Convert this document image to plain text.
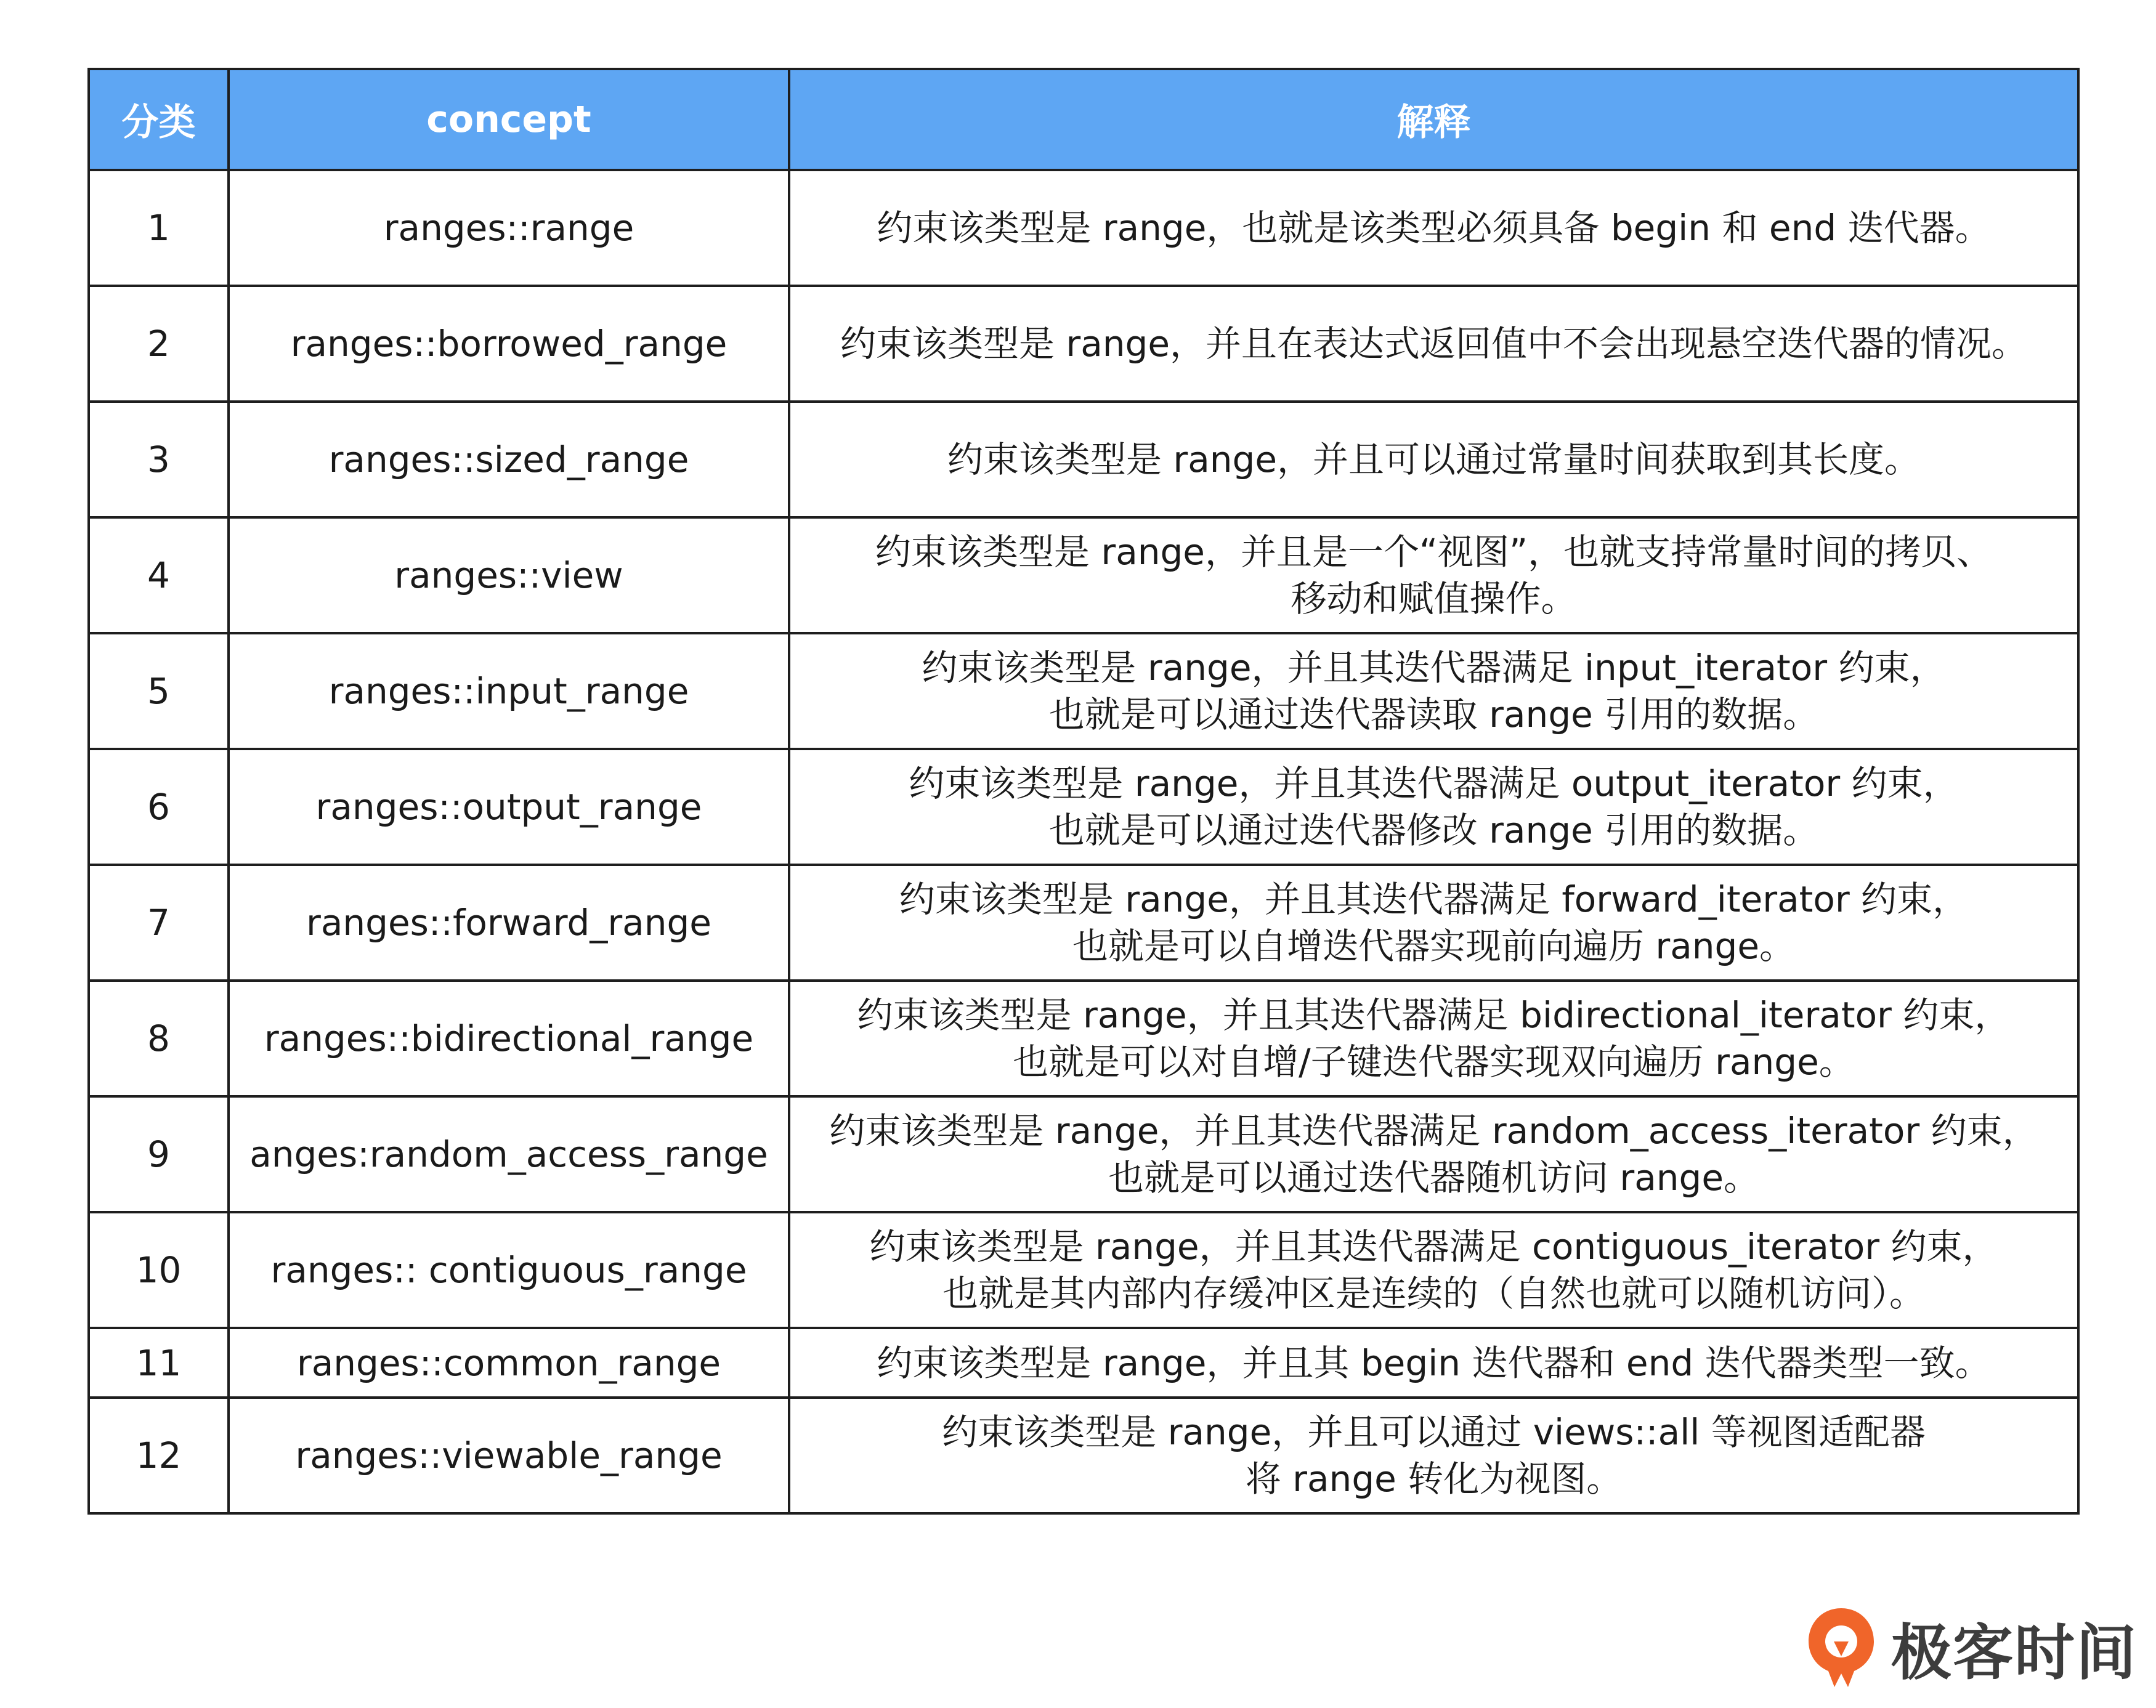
分类	concept	解释
1	ranges::range	约束该类型是 range，也就是该类型必须具备 begin 和 end 迭代器。

2	ranges::borrowed_range	约束该类型是 range，并且在表达式返回值中不会出现悬空迭代器的情况。

3	ranges::sized_range	约束该类型是 range，并且可以通过常量时间获取到其长度。

4	ranges::view	约束该类型是 range，并且是一个“视图”，也就支持常量时间的拷贝、
移动和赋值操作。

5	ranges::input_range	约束该类型是 range，并且其迭代器满足 input_iterator 约束，
也就是可以通过迭代器读取 range 引用的数据。

6	ranges::output_range	约束该类型是 range，并且其迭代器满足 output_iterator 约束，
也就是可以通过迭代器修改 range 引用的数据。

7	ranges::forward_range	约束该类型是 range，并且其迭代器满足 forward_iterator 约束，
也就是可以自增迭代器实现前向遍历 range。

8	ranges::bidirectional_range	约束该类型是 range，并且其迭代器满足 bidirectional_iterator 约束，
也就是可以对自增/子键迭代器实现双向遍历 range。

9	anges:random_access_range	约束该类型是 range，并且其迭代器满足 random_access_iterator 约束，
也就是可以通过迭代器随机访问 range。

10	ranges:: contiguous_range	约束该类型是 range，并且其迭代器满足 contiguous_iterator 约束，
也就是其内部内存缓冲区是连续的（自然也就可以随机访问）。

11	ranges::common_range	约束该类型是 range，并且其 begin 迭代器和 end 迭代器类型一致。

12	ranges::viewable_range	约束该类型是 range，并且可以通过 views::all 等视图适配器
将 range 转化为视图。
极客时间
